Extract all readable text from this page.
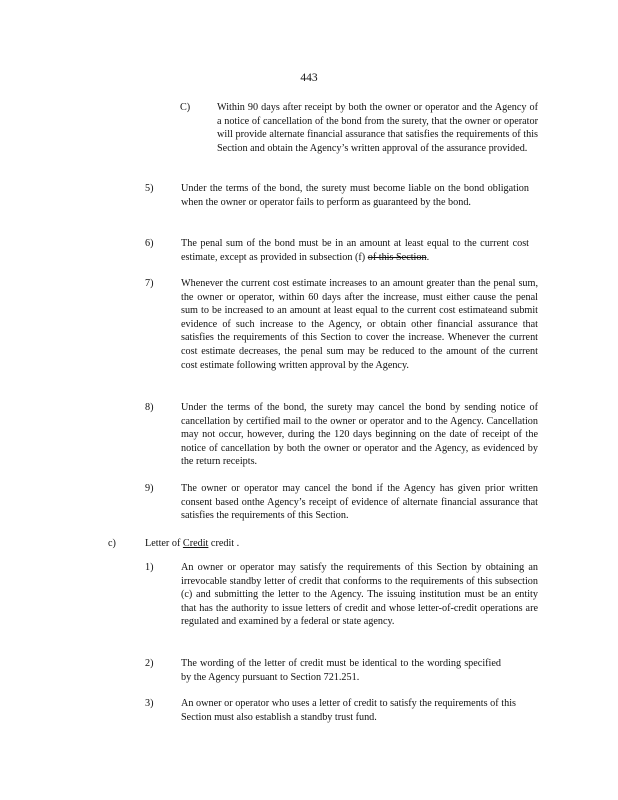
443
C)	Within 90 days after receipt by both the owner or operator and the Agency of a notice of cancellation of the bond from the surety, that the owner or operator will provide alternate financial assurance that satisfies the requirements of this Section and obtain the Agency’s written approval of the assurance provided.
5)	Under the terms of the bond, the surety must become liable on the bond obligation when the owner or operator fails to perform as guaranteed by the bond.
6)	The penal sum of the bond must be in an amount at least equal to the current cost estimate, except as provided in subsection (f) of this Section.
7)	Whenever the current cost estimate increases to an amount greater than the penal sum, the owner or operator, within 60 days after the increase, must either cause the penal sum to be increased to an amount at least equal to the current cost estimateand submit evidence of such increase to the Agency, or obtain other financial assurance that satisfies the requirements of this Section to cover the increase. Whenever the current cost estimate decreases, the penal sum may be reduced to the amount of the current cost estimate following written approval by the Agency.
8)	Under the terms of the bond, the surety may cancel the bond by sending notice of cancellation by certified mail to the owner or operator and to the Agency. Cancellation may not occur, however, during the 120 days beginning on the date of receipt of the notice of cancellation by both the owner or operator and the Agency, as evidenced by the return receipts.
9)	The owner or operator may cancel the bond if the Agency has given prior written consent based onthe Agency’s receipt of evidence of alternate financial assurance that satisfies the requirements of this Section.
c)	Letter of Credit credit .
1)	An owner or operator may satisfy the requirements of this Section by obtaining an irrevocable standby letter of credit that conforms to the requirements of this subsection (c) and submitting the letter to the Agency. The issuing institution must be an entity that has the authority to issue letters of credit and whose letter-of-credit operations are regulated and examined by a federal or state agency.
2)	The wording of the letter of credit must be identical to the wording specified by the Agency pursuant to Section 721.251.
3)	An owner or operator who uses a letter of credit to satisfy the requirements of this Section must also establish a standby trust fund.
